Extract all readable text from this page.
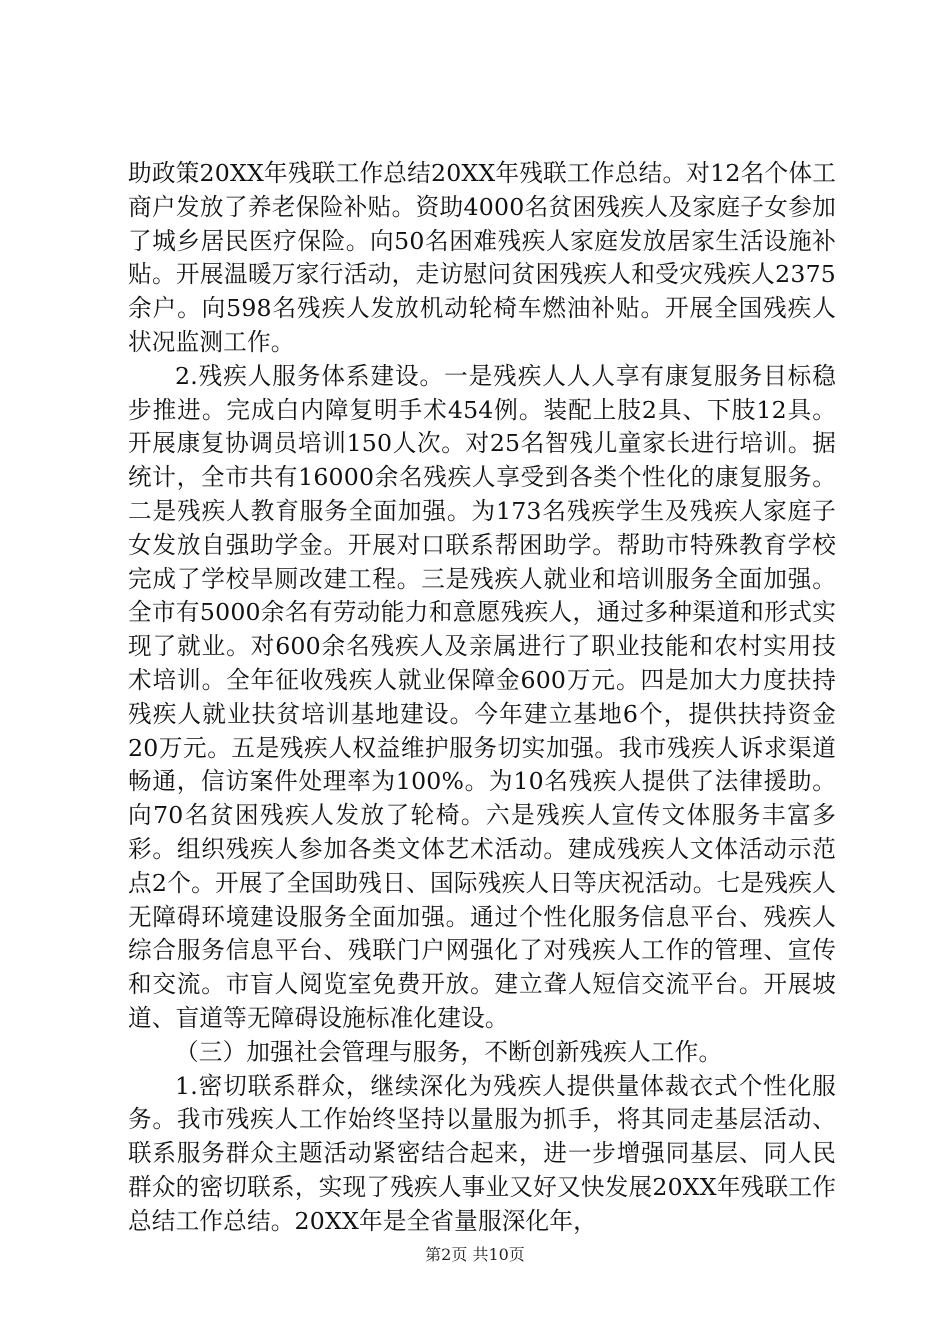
助政策20XX年残联工作总结20XX年残联工作总结。对12名个体工商户发放了养老保险补贴。资助4000名贫困残疾人及家庭子女参加了城乡居民医疗保险。向50名困难残疾人家庭发放居家生活设施补贴。开展温暖万家行活动，走访慰问贫困残疾人和受灾残疾人2375余户。向598名残疾人发放机动轮椅车燃油补贴。开展全国残疾人状况监测工作。

2.残疾人服务体系建设。一是残疾人人人享有康复服务目标稳步推进。完成白内障复明手术454例。装配上肢2具、下肢12具。开展康复协调员培训150人次。对25名智残儿童家长进行培训。据统计，全市共有16000余名残疾人享受到各类个性化的康复服务。二是残疾人教育服务全面加强。为173名残疾学生及残疾人家庭子女发放自强助学金。开展对口联系帮困助学。帮助市特殊教育学校完成了学校旱厕改建工程。三是残疾人就业和培训服务全面加强。全市有5000余名有劳动能力和意愿残疾人，通过多种渠道和形式实现了就业。对600余名残疾人及亲属进行了职业技能和农村实用技术培训。全年征收残疾人就业保障金600万元。四是加大力度扶持残疾人就业扶贫培训基地建设。今年建立基地6个，提供扶持资金20万元。五是残疾人权益维护服务切实加强。我市残疾人诉求渠道畅通，信访案件处理率为100%。为10名残疾人提供了法律援助。向70名贫困残疾人发放了轮椅。六是残疾人宣传文体服务丰富多彩。组织残疾人参加各类文体艺术活动。建成残疾人文体活动示范点2个。开展了全国助残日、国际残疾人日等庆祝活动。七是残疾人无障碍环境建设服务全面加强。通过个性化服务信息平台、残疾人综合服务信息平台、残联门户网强化了对残疾人工作的管理、宣传和交流。市盲人阅览室免费开放。建立聋人短信交流平台。开展坡道、盲道等无障碍设施标准化建设。

（三）加强社会管理与服务，不断创新残疾人工作。

1.密切联系群众，继续深化为残疾人提供量体裁衣式个性化服务。我市残疾人工作始终坚持以量服为抓手，将其同走基层活动、联系服务群众主题活动紧密结合起来，进一步增强同基层、同人民群众的密切联系，实现了残疾人事业又好又快发展20XX年残联工作总结工作总结。20XX年是全省量服深化年，

第2页 共10页
